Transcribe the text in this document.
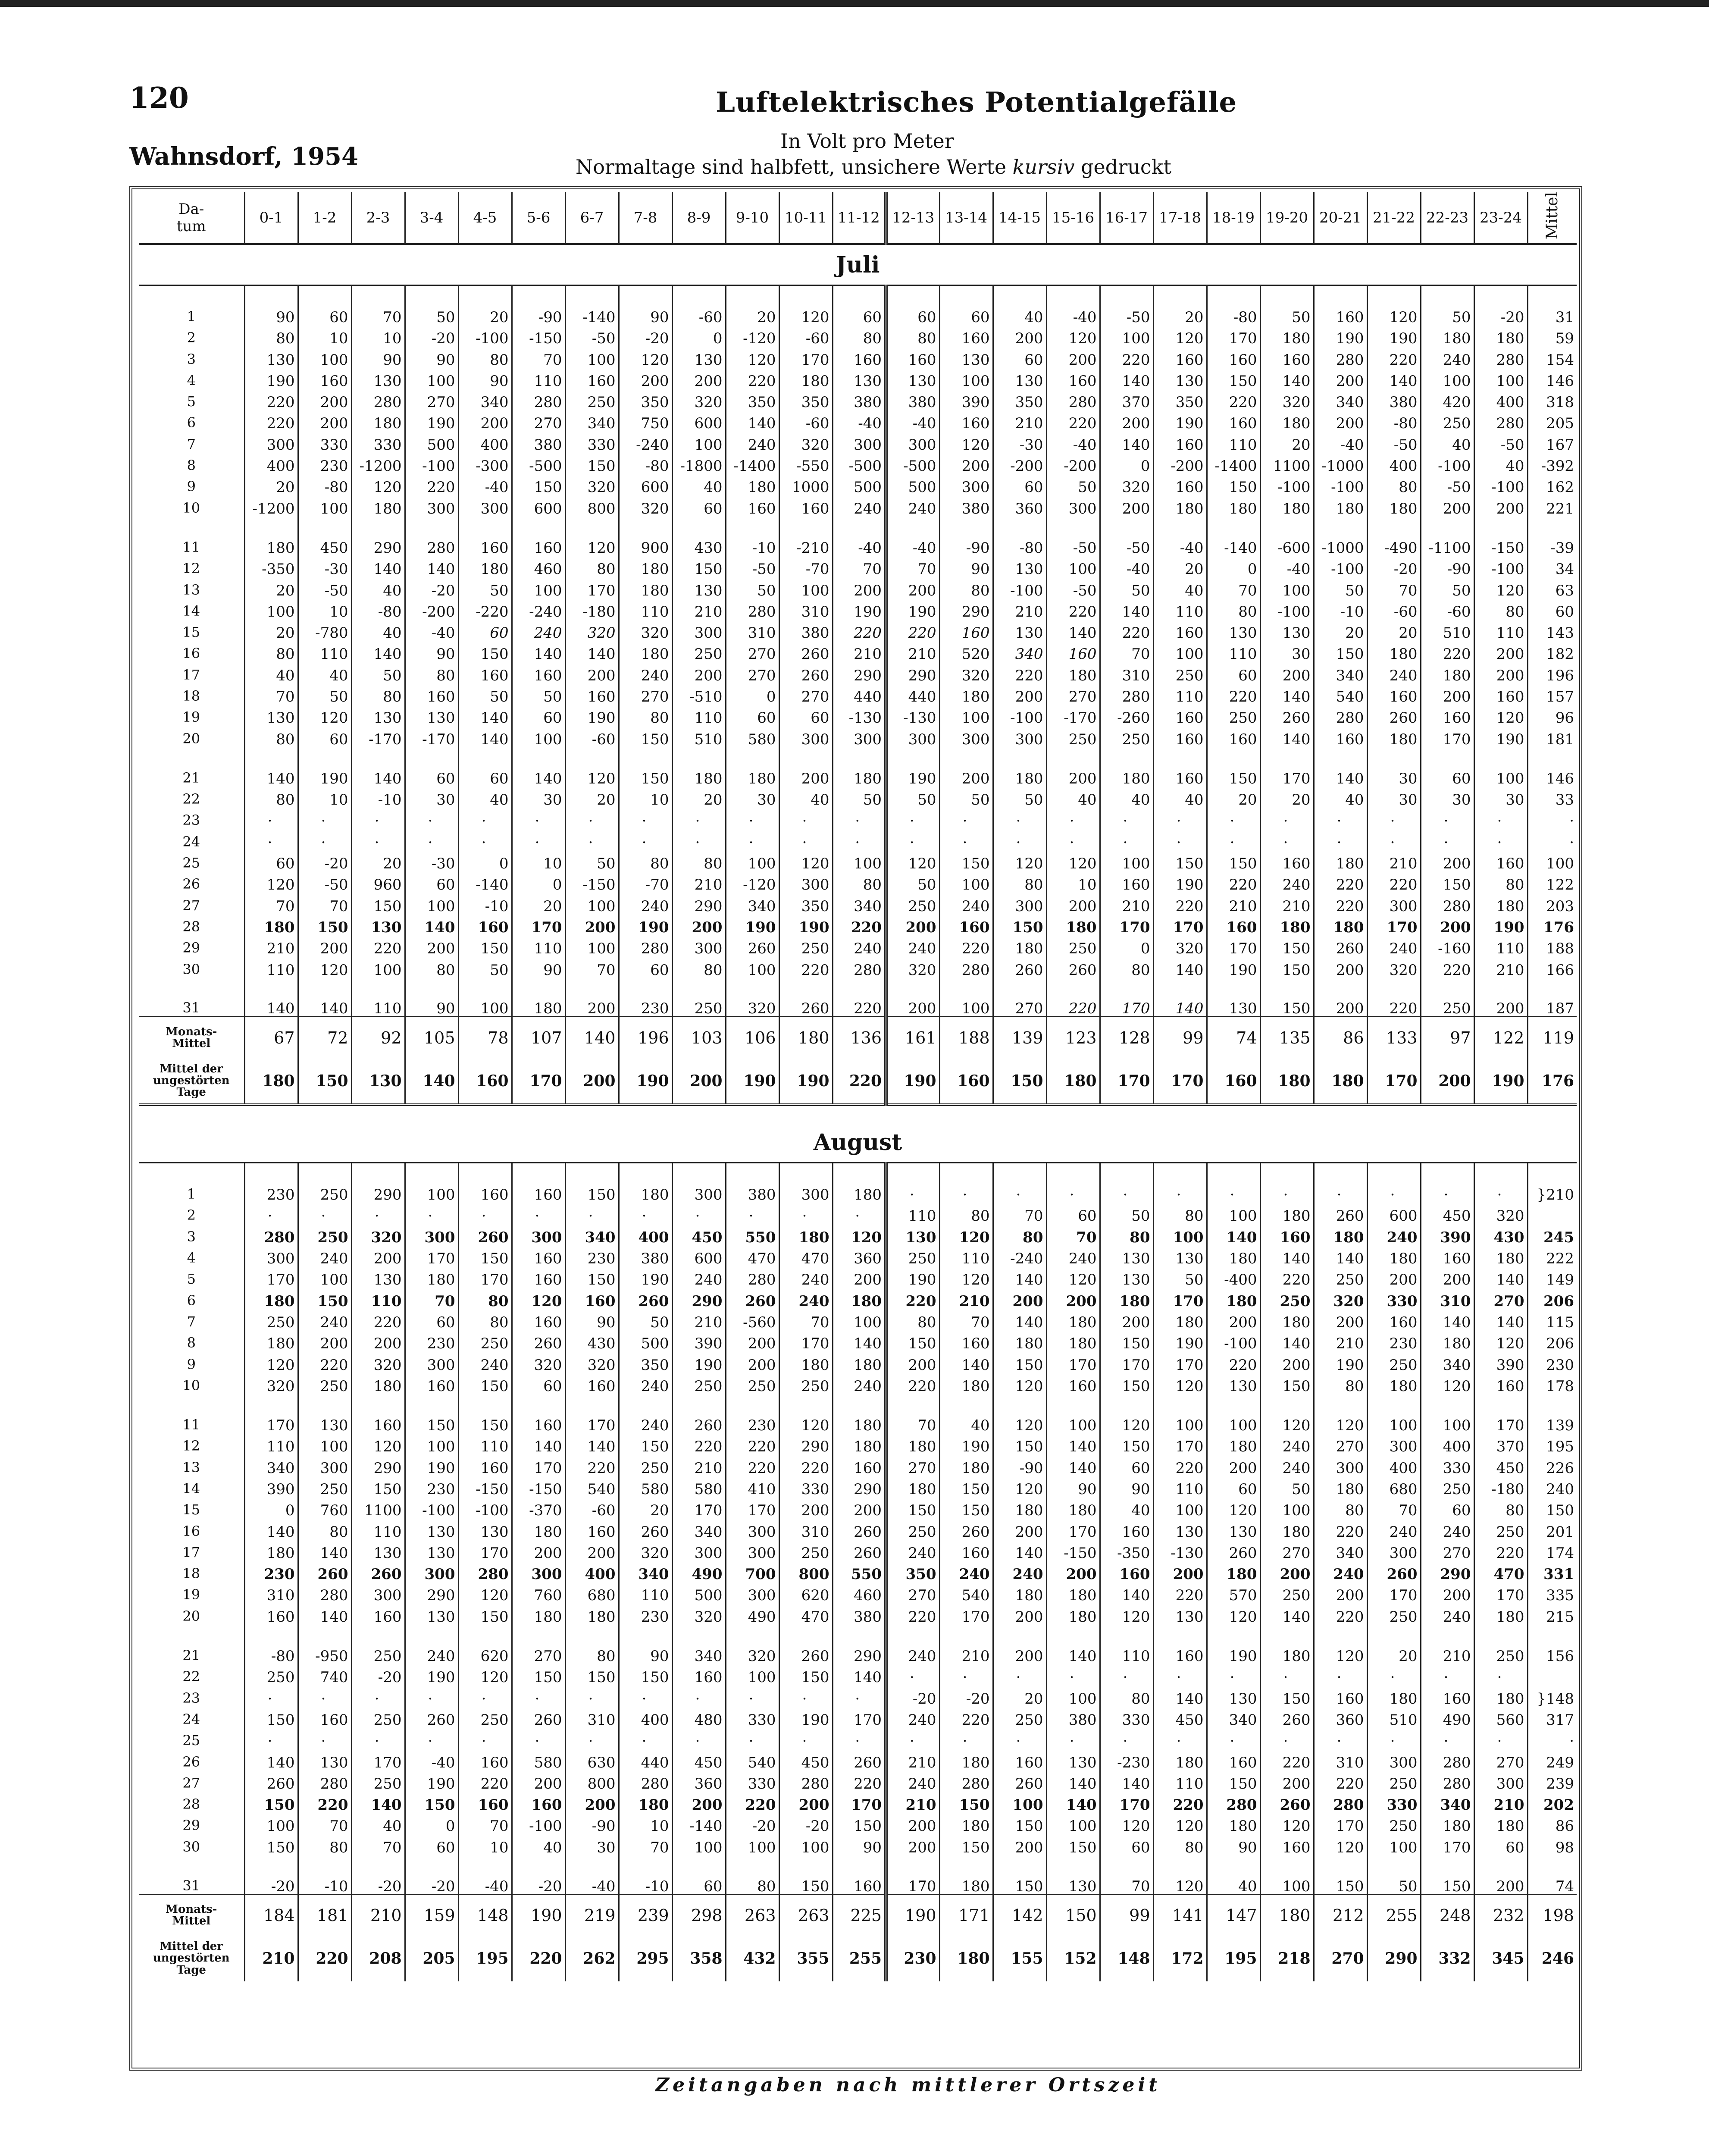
120	Luftelektrisches Potentialgefälle
Wahnsdorf, 1954
In Volt pro Meter
Normaltage sind halbfett, unsichere Werte kursiv gedruckt
Da-
tum	0-1	1-2	2-3	3-4	4-5	5-6	6-7	7-8	8-9	9-10	10-11	11-12	12-13	13-14	14-15	15-16	16-17	17-18	18-19	19-20	20-21	21-22	22-23	23-24	Mittel
Juli																									
1	90	60	70	50	20	-90	-140	90	-60	20	120	60	60	60	40	-40	-50	20	-80	50	160	120	50	-20	31
2	80	10	10	-20	-100	-150	-50	-20	0	-120	-60	80	80	160	200	120	100	120	170	180	190	190	180	180	59
3	130	100	90	90	80	70	100	120	130	120	170	160	160	130	60	200	220	160	160	160	280	220	240	280	154
4	190	160	130	100	90	110	160	200	200	220	180	130	130	100	130	160	140	130	150	140	200	140	100	100	146
5	220	200	280	270	340	280	250	350	320	350	350	380	380	390	350	280	370	350	220	320	340	380	420	400	318
6	220	200	180	190	200	270	340	750	600	140	-60	-40	-40	160	210	220	200	190	160	180	200	-80	250	280	205
7	300	330	330	500	400	380	330	-240	100	240	320	300	300	120	-30	-40	140	160	110	20	-40	-50	40	-50	167
8	400	230	-1200	-100	-300	-500	150	-80	-1800	-1400	-550	-500	-500	200	-200	-200	0	-200	-1400	1100	-1000	400	-100	40	-392
9	20	-80	120	220	-40	150	320	600	40	180	1000	500	500	300	60	50	320	160	150	-100	-100	80	-50	-100	162
10	-1200	100	180	300	300	600	800	320	60	160	160	240	240	380	360	300	200	180	180	180	180	180	200	200	221
11	180	450	290	280	160	160	120	900	430	-10	-210	-40	-40	-90	-80	-50	-50	-40	-140	-600	-1000	-490	-1100	-150	-39
12	-350	-30	140	140	180	460	80	180	150	-50	-70	70	70	90	130	100	-40	20	0	-40	-100	-20	-90	-100	34
13	20	-50	40	-20	50	100	170	180	130	50	100	200	200	80	-100	-50	50	40	70	100	50	70	50	120	63
14	100	10	-80	-200	-220	-240	-180	110	210	280	310	190	190	290	210	220	140	110	80	-100	-10	-60	-60	80	60
15	20	-780	40	-40	60	240	320	320	300	310	380	220	220	160	130	140	220	160	130	130	20	20	510	110	143
16	80	110	140	90	150	140	140	180	250	270	260	210	210	520	340	160	70	100	110	30	150	180	220	200	182
17	40	40	50	80	160	160	200	240	200	270	260	290	290	320	220	180	310	250	60	200	340	240	180	200	196
18	70	50	80	160	50	50	160	270	-510	0	270	440	440	180	200	270	280	110	220	140	540	160	200	160	157
19	130	120	130	130	140	60	190	80	110	60	60	-130	-130	100	-100	-170	-260	160	250	260	280	260	160	120	96
20	80	60	-170	-170	140	100	-60	150	510	580	300	300	300	300	300	250	250	160	160	140	160	180	170	190	181
21	140	190	140	60	60	140	120	150	180	180	200	180	190	200	180	200	180	160	150	170	140	30	60	100	146
22	80	10	-10	30	40	30	20	10	20	30	40	50	50	50	50	40	40	40	20	20	40	30	30	30	33
23	·	·	·	·	·	·	·	·	·	·	·	·	·	·	·	·	·	·	·	·	·	·	·	·	·
24	·	·	·	·	·	·	·	·	·	·	·	·	·	·	·	·	·	·	·	·	·	·	·	·	·
25	60	-20	20	-30	0	10	50	80	80	100	120	100	120	150	120	120	100	150	150	160	180	210	200	160	100
26	120	-50	960	60	-140	0	-150	-70	210	-120	300	80	50	100	80	10	160	190	220	240	220	220	150	80	122
27	70	70	150	100	-10	20	100	240	290	340	350	340	250	240	300	200	210	220	210	210	220	300	280	180	203
28	180	150	130	140	160	170	200	190	200	190	190	220	200	160	150	180	170	170	160	180	180	170	200	190	176
29	210	200	220	200	150	110	100	280	300	260	250	240	240	220	180	250	0	320	170	150	260	240	-160	110	188
30	110	120	100	80	50	90	70	60	80	100	220	280	320	280	260	260	80	140	190	150	200	320	220	210	166
31	140	140	110	90	100	180	200	230	250	320	260	220	200	100	270	220	170	140	130	150	200	220	250	200	187
Monats-
Mittel	67	72	92	105	78	107	140	196	103	106	180	136	161	188	139	123	128	99	74	135	86	133	97	122	119
Mittel der
ungestörten
Tage	180	150	130	140	160	170	200	190	200	190	190	220	190	160	150	180	170	170	160	180	180	170	200	190	176

August																									
1	230	250	290	100	160	160	150	180	300	380	300	180	·	·	·	·	·	·	·	·	·	·	·	·	}210
2	·	·	·	·	·	·	·	·	·	·	·	·	110	80	70	60	50	80	100	180	260	600	450	320	
3	280	250	320	300	260	300	340	400	450	550	180	120	130	120	80	70	80	100	140	160	180	240	390	430	245
4	300	240	200	170	150	160	230	380	600	470	470	360	250	110	-240	240	130	130	180	140	140	180	160	180	222
5	170	100	130	180	170	160	150	190	240	280	240	200	190	120	140	120	130	50	-400	220	250	200	200	140	149
6	180	150	110	70	80	120	160	260	290	260	240	180	220	210	200	200	180	170	180	250	320	330	310	270	206
7	250	240	220	60	80	160	90	50	210	-560	70	100	80	70	140	180	200	180	200	180	200	160	140	140	115
8	180	200	200	230	250	260	430	500	390	200	170	140	150	160	180	180	150	190	-100	140	210	230	180	120	206
9	120	220	320	300	240	320	320	350	190	200	180	180	200	140	150	170	170	170	220	200	190	250	340	390	230
10	320	250	180	160	150	60	160	240	250	250	250	240	220	180	120	160	150	120	130	150	80	180	120	160	178
11	170	130	160	150	150	160	170	240	260	230	120	180	70	40	120	100	120	100	100	120	120	100	100	170	139
12	110	100	120	100	110	140	140	150	220	220	290	180	180	190	150	140	150	170	180	240	270	300	400	370	195
13	340	300	290	190	160	170	220	250	210	220	220	160	270	180	-90	140	60	220	200	240	300	400	330	450	226
14	390	250	150	230	-150	-150	540	580	580	410	330	290	180	150	120	90	90	110	60	50	180	680	250	-180	240
15	0	760	1100	-100	-100	-370	-60	20	170	170	200	200	150	150	180	180	40	100	120	100	80	70	60	80	150
16	140	80	110	130	130	180	160	260	340	300	310	260	250	260	200	170	160	130	130	180	220	240	240	250	201
17	180	140	130	130	170	200	200	320	300	300	250	260	240	160	140	-150	-350	-130	260	270	340	300	270	220	174
18	230	260	260	300	280	300	400	340	490	700	800	550	350	240	240	200	160	200	180	200	240	260	290	470	331
19	310	280	300	290	120	760	680	110	500	300	620	460	270	540	180	180	140	220	570	250	200	170	200	170	335
20	160	140	160	130	150	180	180	230	320	490	470	380	220	170	200	180	120	130	120	140	220	250	240	180	215
21	-80	-950	250	240	620	270	80	90	340	320	260	290	240	210	200	140	110	160	190	180	120	20	210	250	156
22	250	740	-20	190	120	150	150	150	160	100	150	140	·	·	·	·	·	·	·	·	·	·	·	·	
23	·	·	·	·	·	·	·	·	·	·	·	·	-20	-20	20	100	80	140	130	150	160	180	160	180	}148
24	150	160	250	260	250	260	310	400	480	330	190	170	240	220	250	380	330	450	340	260	360	510	490	560	317
25	·	·	·	·	·	·	·	·	·	·	·	·	·	·	·	·	·	·	·	·	·	·	·	·	·
26	140	130	170	-40	160	580	630	440	450	540	450	260	210	180	160	130	-230	180	160	220	310	300	280	270	249
27	260	280	250	190	220	200	800	280	360	330	280	220	240	280	260	140	140	110	150	200	220	250	280	300	239
28	150	220	140	150	160	160	200	180	200	220	200	170	210	150	100	140	170	220	280	260	280	330	340	210	202
29	100	70	40	0	70	-100	-90	10	-140	-20	-20	150	200	180	150	100	120	120	180	120	170	250	180	180	86
30	150	80	70	60	10	40	30	70	100	100	100	90	200	150	200	150	60	80	90	160	120	100	170	60	98
31	-20	-10	-20	-20	-40	-20	-40	-10	60	80	150	160	170	180	150	130	70	120	40	100	150	50	150	200	74
Monats-
Mittel	184	181	210	159	148	190	219	239	298	263	263	225	190	171	142	150	99	141	147	180	212	255	248	232	198
Mittel der
ungestörten
Tage	210	220	208	205	195	220	262	295	358	432	355	255	230	180	155	152	148	172	195	218	270	290	332	345	246
Zeitangaben nach mittlerer Ortszeit
